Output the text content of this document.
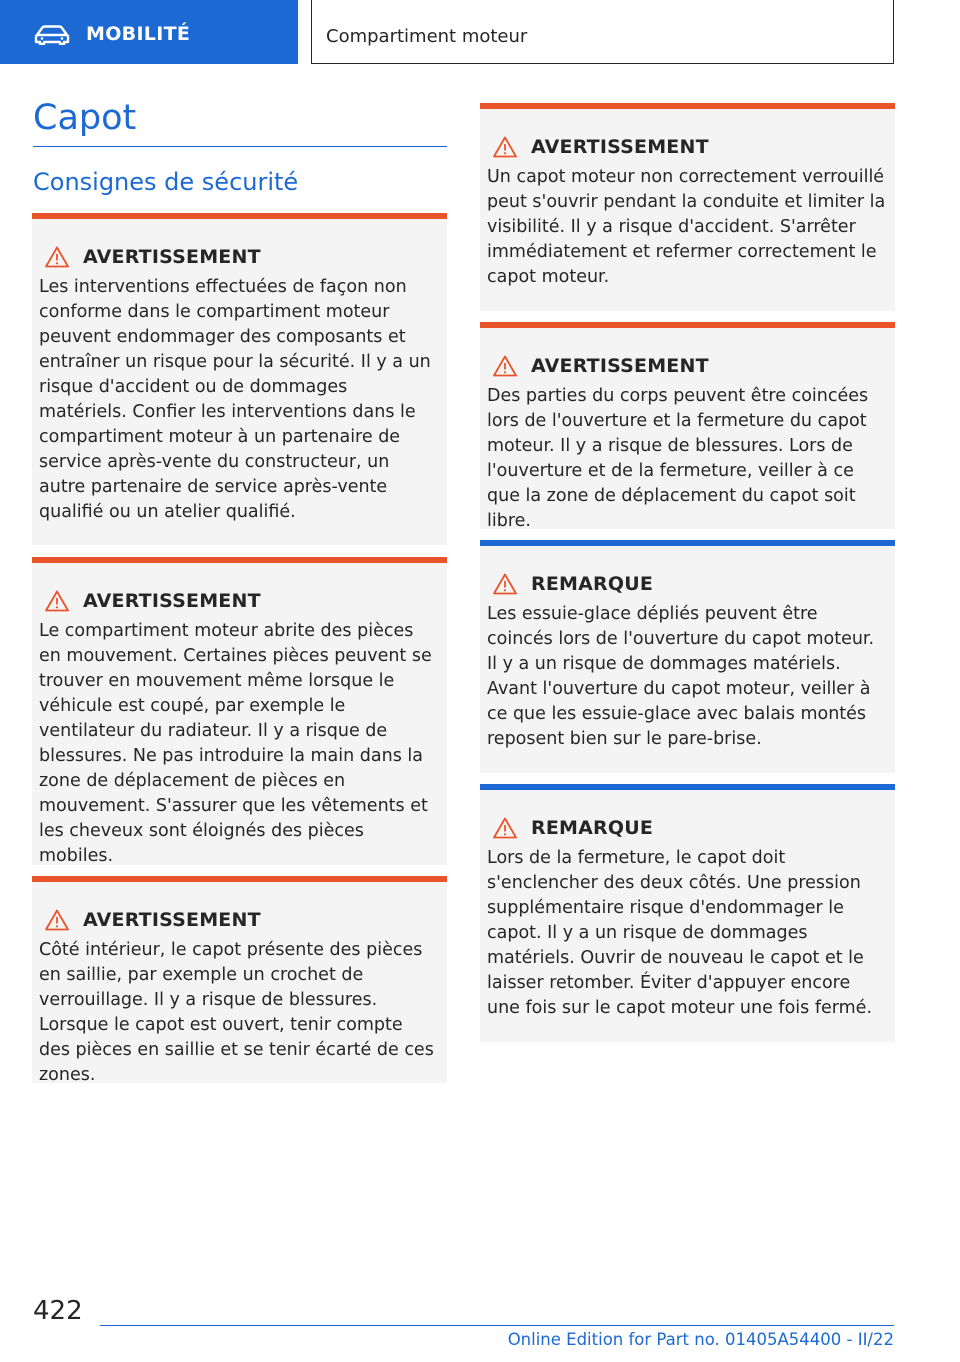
MOBILITÉ	Compartiment moteur
Capot
Consignes de sécurité
AVERTISSEMENT

Les interventions effectuées de façon non conforme dans le compartiment moteur peuvent endommager des composants et entraîner un risque pour la sécurité. Il y a un risque d'accident ou de dommages matériels. Confier les interventions dans le compartiment moteur à un partenaire de service après-vente du constructeur, un autre partenaire de service après-vente qualifié ou un atelier qualifié.

AVERTISSEMENT

Le compartiment moteur abrite des pièces en mouvement. Certaines pièces peuvent se trouver en mouvement même lorsque le véhicule est coupé, par exemple le ventilateur du radiateur. Il y a risque de blessures. Ne pas introduire la main dans la zone de déplacement de pièces en mouvement. S'assurer que les vêtements et les cheveux sont éloignés des pièces mobiles.

AVERTISSEMENT

Côté intérieur, le capot présente des pièces en saillie, par exemple un crochet de verrouillage. Il y a risque de blessures. Lorsque le capot est ouvert, tenir compte des pièces en saillie et se tenir écarté de ces zones.

AVERTISSEMENT

Un capot moteur non correctement verrouillé peut s'ouvrir pendant la conduite et limiter la visibilité. Il y a risque d'accident. S'arrêter immédiatement et refermer correctement le capot moteur.

AVERTISSEMENT

Des parties du corps peuvent être coincées lors de l'ouverture et la fermeture du capot moteur. Il y a risque de blessures. Lors de l'ouverture et de la fermeture, veiller à ce que la zone de déplacement du capot soit libre.

REMARQUE

Les essuie-glace dépliés peuvent être coincés lors de l'ouverture du capot moteur. Il y a un risque de dommages matériels. Avant l'ouverture du capot moteur, veiller à ce que les essuie-glace avec balais montés reposent bien sur le pare-brise.

REMARQUE

Lors de la fermeture, le capot doit s'enclencher des deux côtés. Une pression supplémentaire risque d'endommager le capot. Il y a un risque de dommages matériels. Ouvrir de nouveau le capot et le laisser retomber. Éviter d'appuyer encore une fois sur le capot moteur une fois fermé.

422
Online Edition for Part no. 01405A54400 - II/22
